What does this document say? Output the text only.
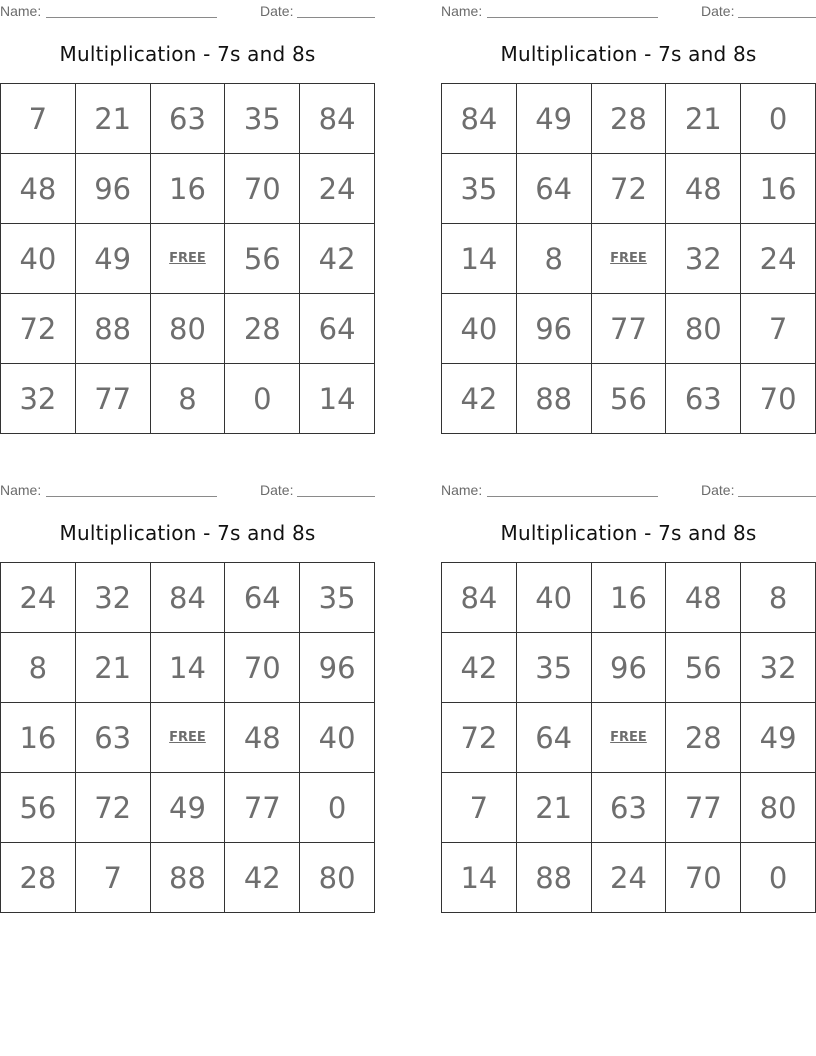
Name:	Date:
Multiplication - 7s and 8s
7	21	63	35	84
48	96	16	70	24
40	49	FREE	56	42
72	88	80	28	64
32	77	8	0	14
Name:	Date:
Multiplication - 7s and 8s
84	49	28	21	0
35	64	72	48	16
14	8	FREE	32	24
40	96	77	80	7
42	88	56	63	70
Name:	Date:
Multiplication - 7s and 8s
24	32	84	64	35
8	21	14	70	96
16	63	FREE	48	40
56	72	49	77	0
28	7	88	42	80
Name:	Date:
Multiplication - 7s and 8s
84	40	16	48	8
42	35	96	56	32
72	64	FREE	28	49
7	21	63	77	80
14	88	24	70	0
